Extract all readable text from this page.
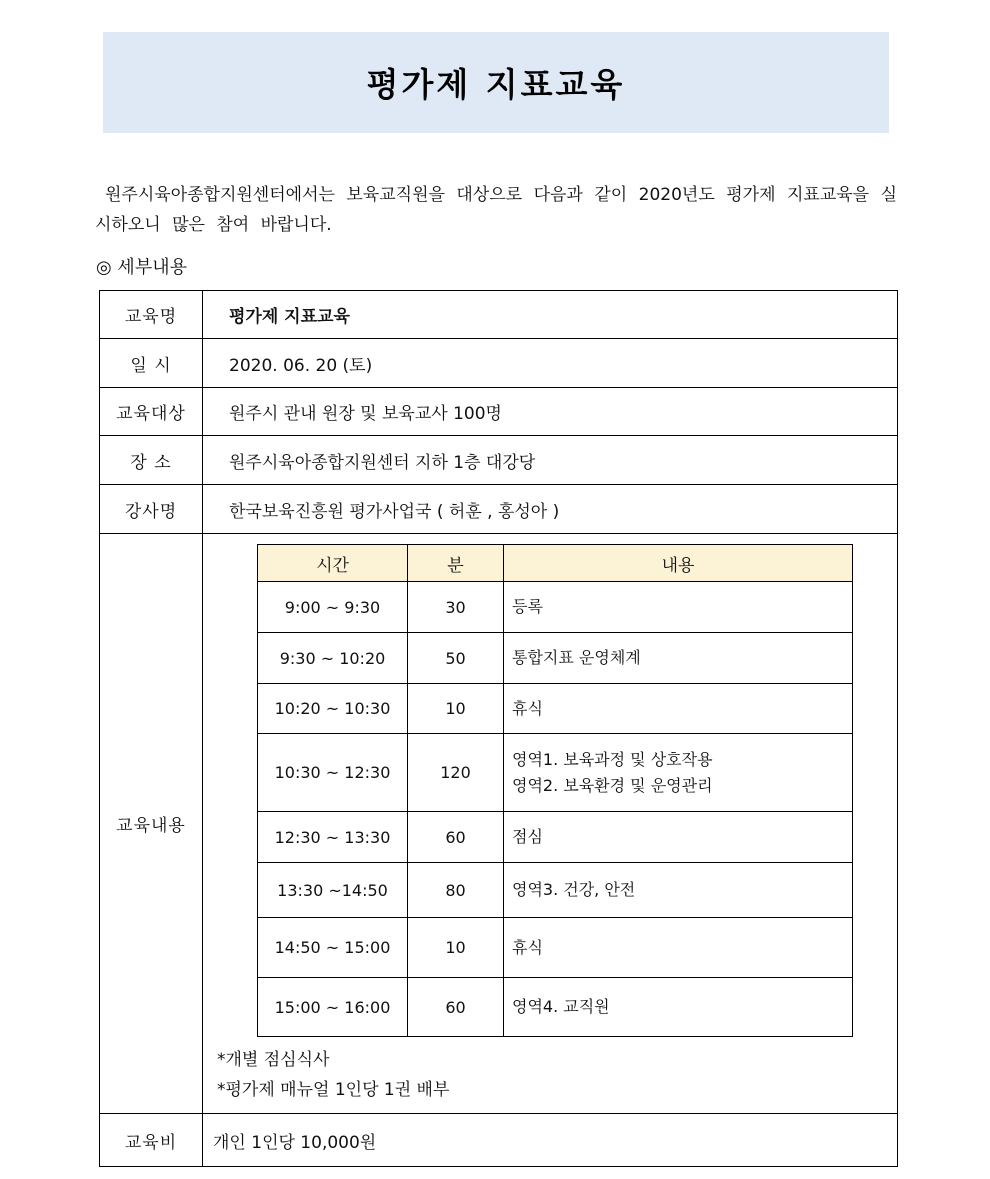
평가제 지표교육

원주시육아종합지원센터에서는 보육교직원을 대상으로 다음과 같이 2020년도 평가제 지표교육을 실시하오니 많은 참여 바랍니다.

◎ 세부내용
교육명	평가제 지표교육
일 시	2020. 06. 20 (토)
교육대상	원주시 관내 원장 및 보육교사 100명
장 소	원주시육아종합지원센터 지하 1층 대강당
강사명	한국보육진흥원 평가사업국 ( 허훈 , 홍성아 )
교육내용	
시간	분	내용
9:00 ~ 9:30	30	등록

9:30 ~ 10:20	50	통합지표 운영체계

10:20 ~ 10:30	10	휴식

10:30 ~ 12:30	120	
영역1. 보육과정 및 상호작용
영역2. 보육환경 및 운영관리

12:30 ~ 13:30	60	점심

13:30 ~14:50	80	영역3. 건강, 안전

14:50 ~ 15:00	10	휴식

15:00 ~ 16:00	60	영역4. 교직원
*개별 점심식사
*평가제 매뉴얼 1인당 1권 배부

교육비	개인 1인당 10,000원
